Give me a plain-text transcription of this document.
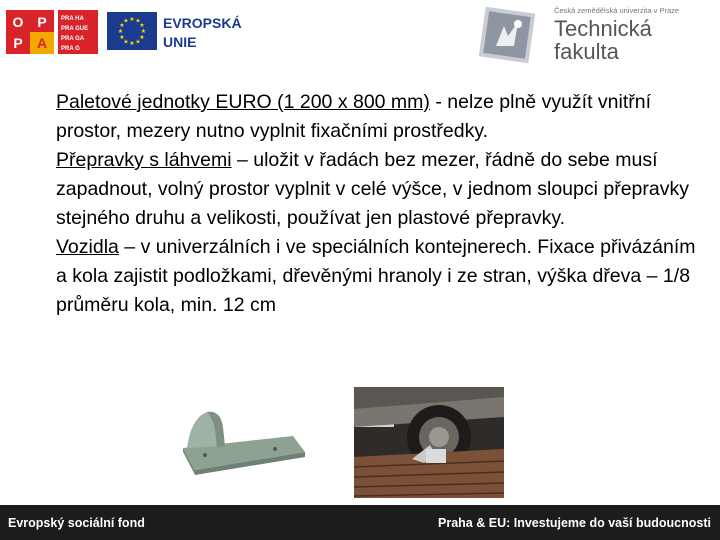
O P
P A
PRA HA
PRA GUE
PRA GA
PRA G
★ ★
★
★
★
★
★
★
★
★
★
★ EVROPSKÁ
UNIE
Česká zemědělská univerzita v Praze
Technická
fakulta

Paletové jednotky EURO (1 200 x 800 mm) - nelze plně využít vnitřní prostor, mezery nutno vyplnit fixačními prostředky.

Přepravky s láhvemi – uložit v řadách bez mezer, řádně do sebe musí zapadnout, volný prostor vyplnit v celé výšce, v jednom sloupci přepravky stejného druhu a velikosti, používat jen plastové přepravky.

Vozidla – v univerzálních i ve speciálních kontejnerech. Fixace přivázáním a kola zajistit podložkami, dřevěnými hranoly i ze stran, výška dřeva – 1/8 průměru kola, min. 12 cm

Evropský sociální fond	Praha & EU: Investujeme do vaší budoucnosti
